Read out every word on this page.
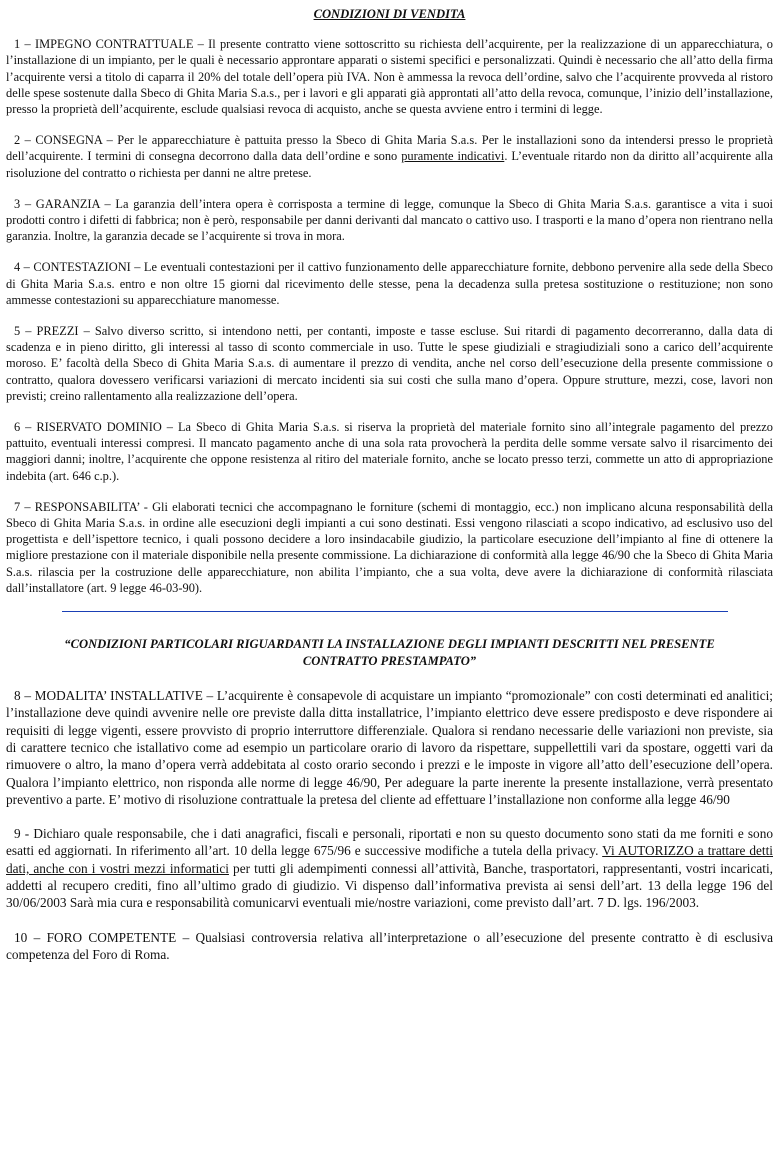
CONDIZIONI DI VENDITA

1 – IMPEGNO CONTRATTUALE – Il presente contratto viene sottoscritto su richiesta dell’acquirente, per la realizzazione di un apparecchiatura, o l’installazione di un impianto, per le quali è necessario approntare apparati o sistemi specifici e personalizzati. Quindi è necessario che all’atto della firma l’acquirente versi a titolo di caparra il 20% del totale dell’opera più IVA. Non è ammessa la revoca dell’ordine, salvo che l’acquirente provveda al ristoro delle spese sostenute dalla Sbeco di Ghita Maria S.a.s., per i lavori e gli apparati già approntati all’atto della revoca, comunque, l’inizio dell’installazione, presso la proprietà dell’acquirente, esclude qualsiasi revoca di acquisto, anche se questa avviene entro i termini di legge.

2 – CONSEGNA – Per le apparecchiature è pattuita presso la Sbeco di Ghita Maria S.a.s. Per le installazioni sono da intendersi presso le proprietà dell’acquirente. I termini di consegna decorrono dalla data dell’ordine e sono puramente indicativi. L’eventuale ritardo non da diritto all’acquirente alla risoluzione del contratto o richiesta per danni ne altre pretese.

3 – GARANZIA – La garanzia dell’intera opera è corrisposta a termine di legge, comunque la Sbeco di Ghita Maria S.a.s. garantisce a vita i suoi prodotti contro i difetti di fabbrica; non è però, responsabile per danni derivanti dal mancato o cattivo uso. I trasporti e la mano d’opera non rientrano nella garanzia. Inoltre, la garanzia decade se l’acquirente si trova in mora.

4 – CONTESTAZIONI – Le eventuali contestazioni per il cattivo funzionamento delle apparecchiature fornite, debbono pervenire alla sede della Sbeco di Ghita Maria S.a.s. entro e non oltre 15 giorni dal ricevimento delle stesse, pena la decadenza sulla pretesa sostituzione o restituzione; non sono ammesse contestazioni su apparecchiature manomesse.

5 – PREZZI – Salvo diverso scritto, si intendono netti, per contanti, imposte e tasse escluse. Sui ritardi di pagamento decorreranno, dalla data di scadenza e in pieno diritto, gli interessi al tasso di sconto commerciale in uso. Tutte le spese giudiziali e stragiudiziali sono a carico dell’acquirente moroso. E’ facoltà della Sbeco di Ghita Maria S.a.s. di aumentare il prezzo di vendita, anche nel corso dell’esecuzione della presente commissione o contratto, qualora dovessero verificarsi variazioni di mercato incidenti sia sui costi che sulla mano d’opera. Oppure strutture, mezzi, cose, lavori non previsti; creino rallentamento alla realizzazione dell’opera.

6 – RISERVATO DOMINIO – La Sbeco di Ghita Maria S.a.s. si riserva la proprietà del materiale fornito sino all’integrale pagamento del prezzo pattuito, eventuali interessi compresi. Il mancato pagamento anche di una sola rata provocherà la perdita delle somme versate salvo il risarcimento dei maggiori danni; inoltre, l’acquirente che oppone resistenza al ritiro del materiale fornito, anche se locato presso terzi, commette un atto di appropriazione indebita (art. 646 c.p.).

7 – RESPONSABILITA’ - Gli elaborati tecnici che accompagnano le forniture (schemi di montaggio, ecc.) non implicano alcuna responsabilità della Sbeco di Ghita Maria S.a.s. in ordine alle esecuzioni degli impianti a cui sono destinati. Essi vengono rilasciati a scopo indicativo, ad esclusivo uso del progettista e dell’ispettore tecnico, i quali possono decidere a loro insindacabile giudizio, la particolare esecuzione dell’impianto al fine di ottenere la migliore prestazione con il materiale disponibile nella presente commissione. La dichiarazione di conformità alla legge 46/90 che la Sbeco di Ghita Maria S.a.s. rilascia per la costruzione delle apparecchiature, non abilita l’impianto, che a sua volta, deve avere la dichiarazione di conformità rilasciata dall’installatore (art. 9 legge 46-03-90).

“CONDIZIONI PARTICOLARI RIGUARDANTI LA INSTALLAZIONE DEGLI IMPIANTI DESCRITTI NEL PRESENTE CONTRATTO PRESTAMPATO”

8 – MODALITA’ INSTALLATIVE – L’acquirente è consapevole di acquistare un impianto “promozionale” con costi determinati ed analitici; l’installazione deve quindi avvenire nelle ore previste dalla ditta installatrice, l’impianto elettrico deve essere predisposto e deve rispondere ai requisiti di legge vigenti, essere provvisto di proprio interruttore differenziale. Qualora si rendano necessarie delle variazioni non previste, sia di carattere tecnico che istallativo come ad esempio un particolare orario di lavoro da rispettare, suppellettili vari da spostare, oggetti vari da rimuovere o altro, la mano d’opera verrà addebitata al costo orario secondo i prezzi e le imposte in vigore all’atto dell’esecuzione dell’opera. Qualora l’impianto elettrico, non risponda alle norme di legge 46/90, Per adeguare la parte inerente la presente installazione, verrà presentato preventivo a parte. E’ motivo di risoluzione contrattuale la pretesa del cliente ad effettuare l’installazione non conforme alla legge 46/90

9 - Dichiaro quale responsabile, che i dati anagrafici, fiscali e personali, riportati e non su questo documento sono stati da me forniti e sono esatti ed aggiornati. In riferimento all’art. 10 della legge 675/96 e successive modifiche a tutela della privacy. Vi AUTORIZZO a trattare detti dati, anche con i vostri mezzi informatici per tutti gli adempimenti connessi all’attività, Banche, trasportatori, rappresentanti, vostri incaricati, addetti al recupero crediti, fino all’ultimo grado di giudizio. Vi dispenso dall’informativa prevista ai sensi dell’art. 13 della legge 196 del 30/06/2003 Sarà mia cura e responsabilità comunicarvi eventuali mie/nostre variazioni, come previsto dall’art. 7 D. lgs. 196/2003.

10 – FORO COMPETENTE – Qualsiasi controversia relativa all’interpretazione o all’esecuzione del presente contratto è di esclusiva competenza del Foro di Roma.
